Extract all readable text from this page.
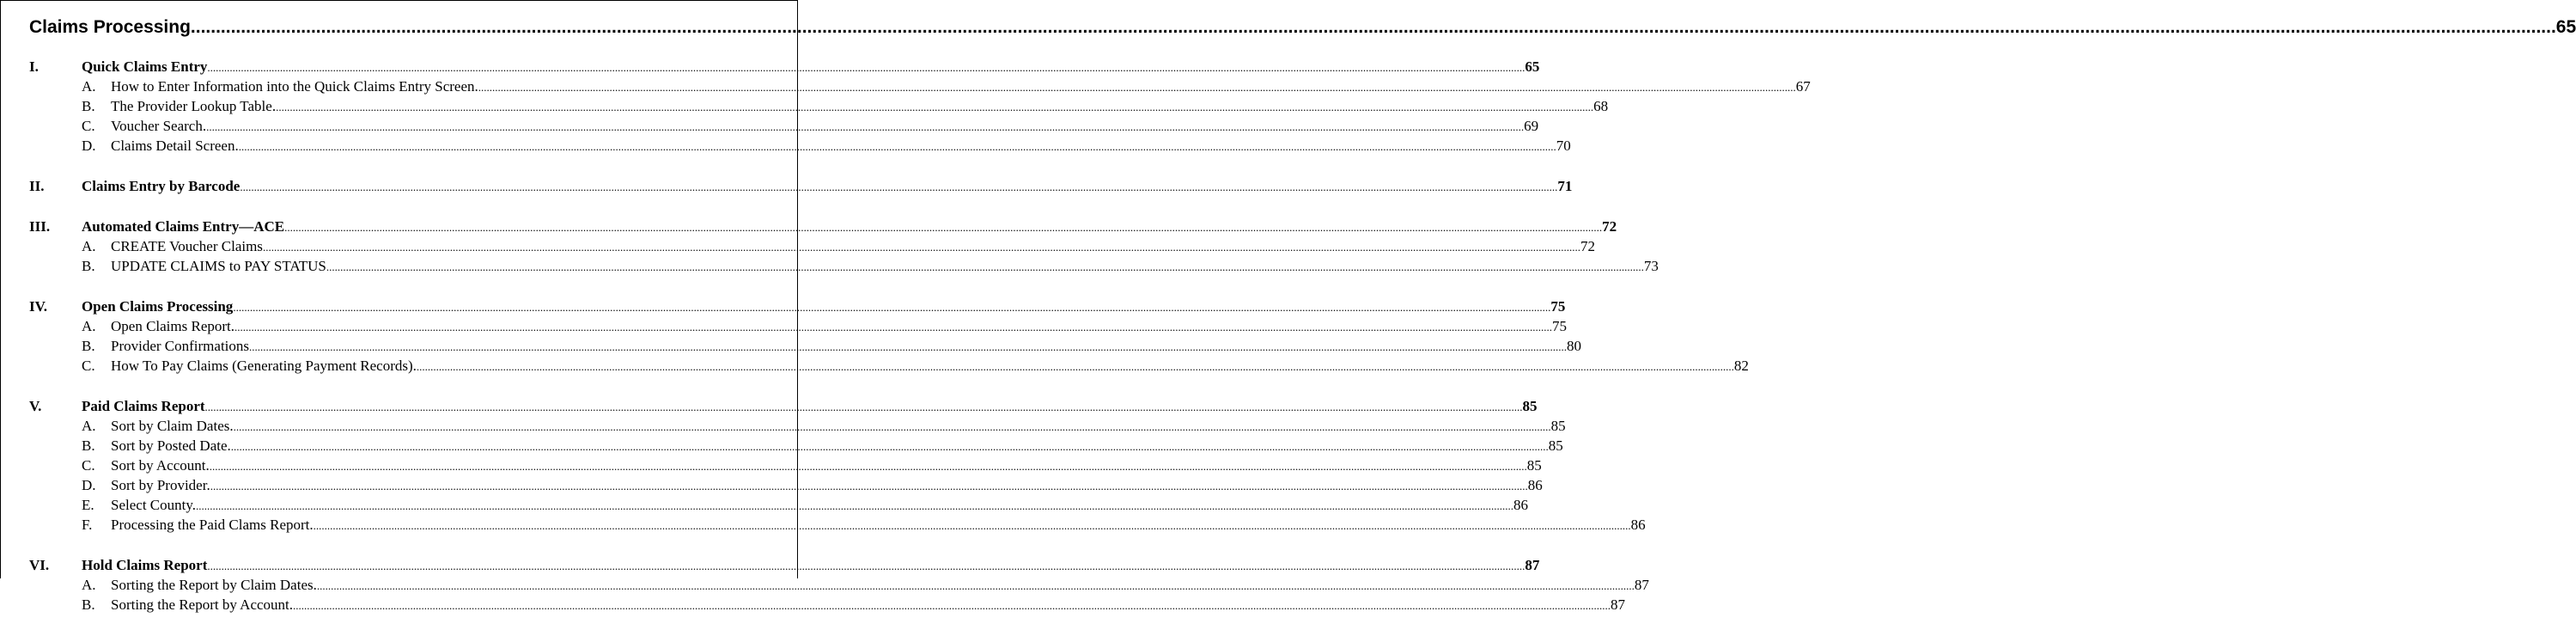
Claims Processing .....	65
I.	Quick Claims Entry .....	65
A.	How to Enter Information into the Quick Claims Entry Screen. .....	67
B.	The Provider Lookup Table. .....	68
C.	Voucher Search. .....	69
D.	Claims Detail Screen. .....	70
II.	Claims Entry by Barcode .....	71
III.	Automated Claims Entry—ACE .....	72
A.	CREATE Voucher Claims .....	72
B.	UPDATE CLAIMS to PAY STATUS .....	73
IV.	Open Claims Processing .....	75
A.	Open Claims Report. .....	75
B.	Provider Confirmations .....	80
C.	How To Pay Claims (Generating Payment Records). .....	82
V.	Paid Claims Report .....	85
A.	Sort by Claim Dates. .....	85
B.	Sort by Posted Date. .....	85
C.	Sort by Account. .....	85
D.	Sort by Provider. .....	86
E.	Select County. .....	86
F.	Processing the Paid Clams Report. .....	86
VI.	Hold Claims Report .....	87
A.	Sorting the Report by Claim Dates. .....	87
B.	Sorting the Report by Account. .....	87
